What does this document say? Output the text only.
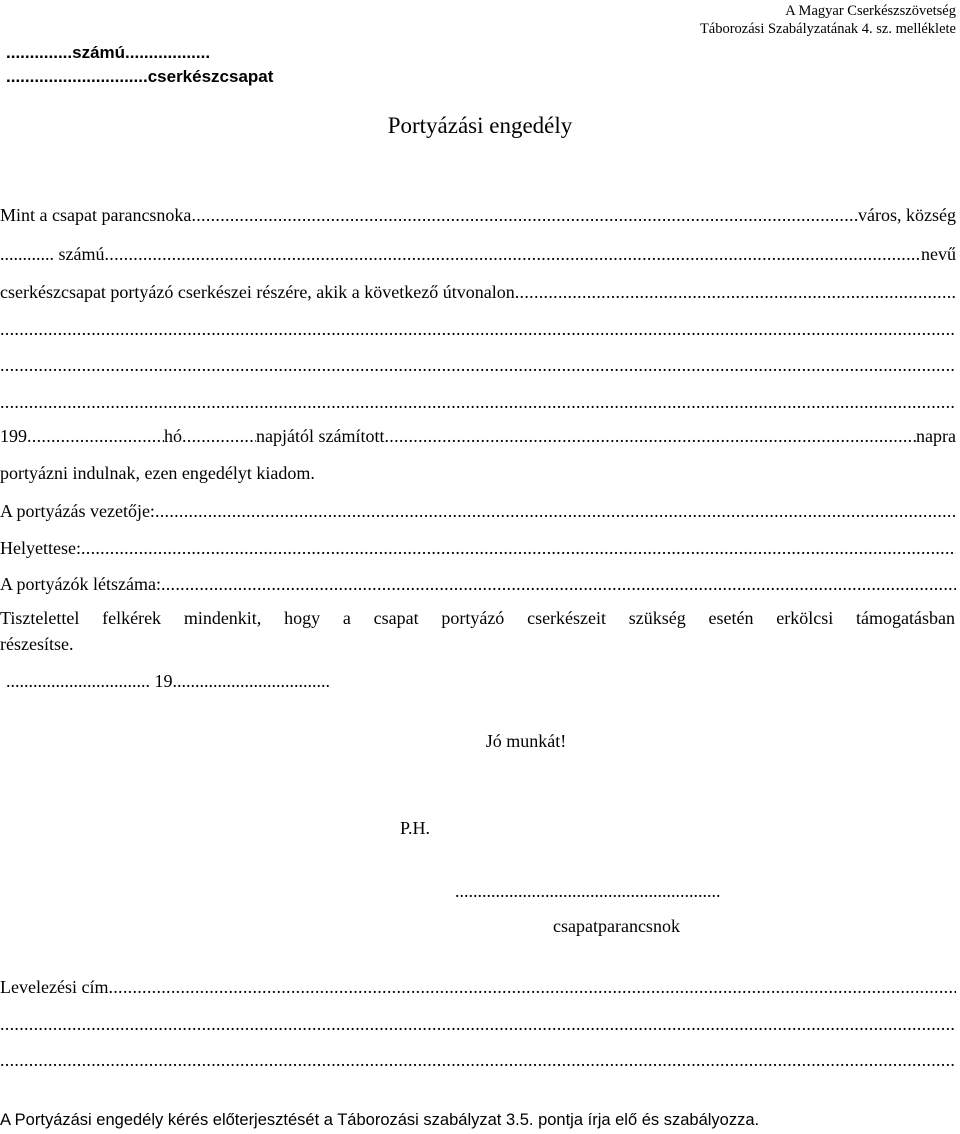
A Magyar Cserkészszövetség
Táborozási Szabályzatának 4. sz. melléklete
..............számú..................
..............................cserkészcsapat
Portyázási engedély
Mint a csapat parancsnoka .....	város, község
............ számú .....	nevű
cserkészcsapat portyázó cserkészei részére, akik a következő útvonalon
.....
.....
.....
.....
199 .....	hó .....	napjától számított .....	napra
portyázni indulnak, ezen engedélyt kiadom.
A portyázás vezetője:
.....
Helyettese:
.....
A portyázók létszáma:
.....
Tisztelettel felkérek mindenkit, hogy a csapat portyázó cserkészeit szükség esetén erkölcsi támogatásban
részesítse.
................................ 19...................................
Jó munkát!
P.H.
...........................................................
csapatparancsnok
Levelezési cím
.....
.....
.....
A Portyázási engedély kérés előterjesztését a Táborozási szabályzat 3.5. pontja írja elő és szabályozza.
